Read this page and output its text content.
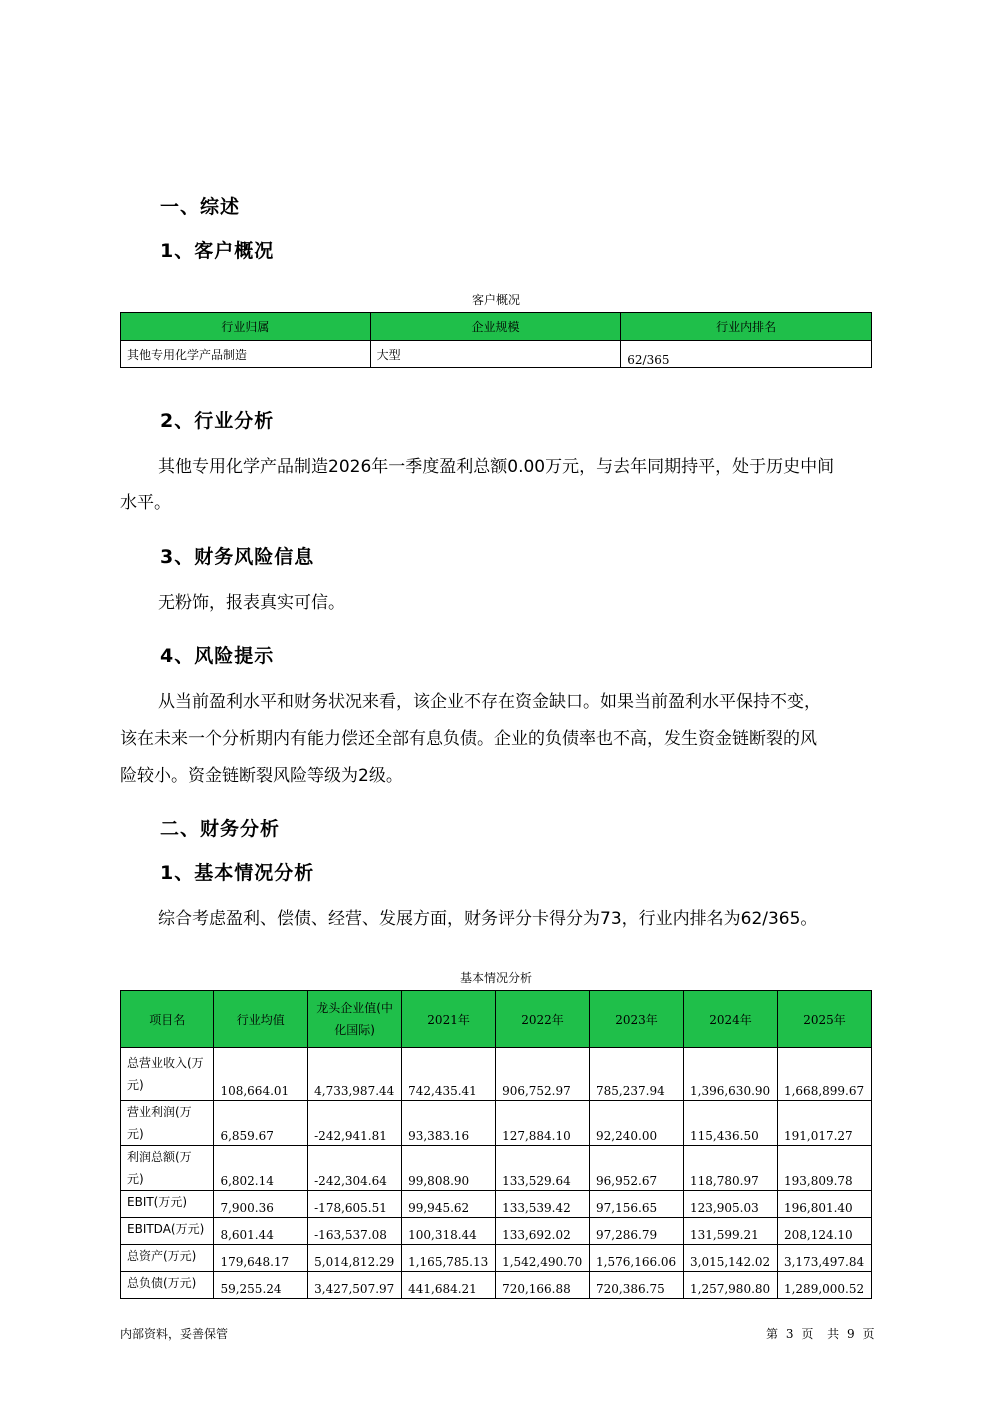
一、综述
1、客户概况
客户概况
行业归属	企业规模	行业内排名
其他专用化学产品制造	大型	62/365
2、行业分析
其他专用化学产品制造2026年一季度盈利总额0.00万元，与去年同期持平，处于历史中间
水平。
3、财务风险信息
无粉饰，报表真实可信。
4、风险提示
从当前盈利水平和财务状况来看，该企业不存在资金缺口。如果当前盈利水平保持不变，
该在未来一个分析期内有能力偿还全部有息负债。企业的负债率也不高，发生资金链断裂的风
险较小。资金链断裂风险等级为2级。
二、财务分析
1、基本情况分析
综合考虑盈利、偿债、经营、发展方面，财务评分卡得分为73，行业内排名为62/365。
基本情况分析
项目名	行业均值	龙头企业值(中化国际)	2021年	2022年	2023年	2024年	2025年
总营业收入(万元)	108,664.01	4,733,987.44	742,435.41	906,752.97	785,237.94	1,396,630.90	1,668,899.67
营业利润(万元)	6,859.67	-242,941.81	93,383.16	127,884.10	92,240.00	115,436.50	191,017.27
利润总额(万元)	6,802.14	-242,304.64	99,808.90	133,529.64	96,952.67	118,780.97	193,809.78
EBIT(万元)	7,900.36	-178,605.51	99,945.62	133,539.42	97,156.65	123,905.03	196,801.40
EBITDA(万元)	8,601.44	-163,537.08	100,318.44	133,692.02	97,286.79	131,599.21	208,124.10
总资产(万元)	179,648.17	5,014,812.29	1,165,785.13	1,542,490.70	1,576,166.06	3,015,142.02	3,173,497.84
总负债(万元)	59,255.24	3,427,507.97	441,684.21	720,166.88	720,386.75	1,257,980.80	1,289,000.52
内部资料，妥善保管	第 3 页 共 9 页
